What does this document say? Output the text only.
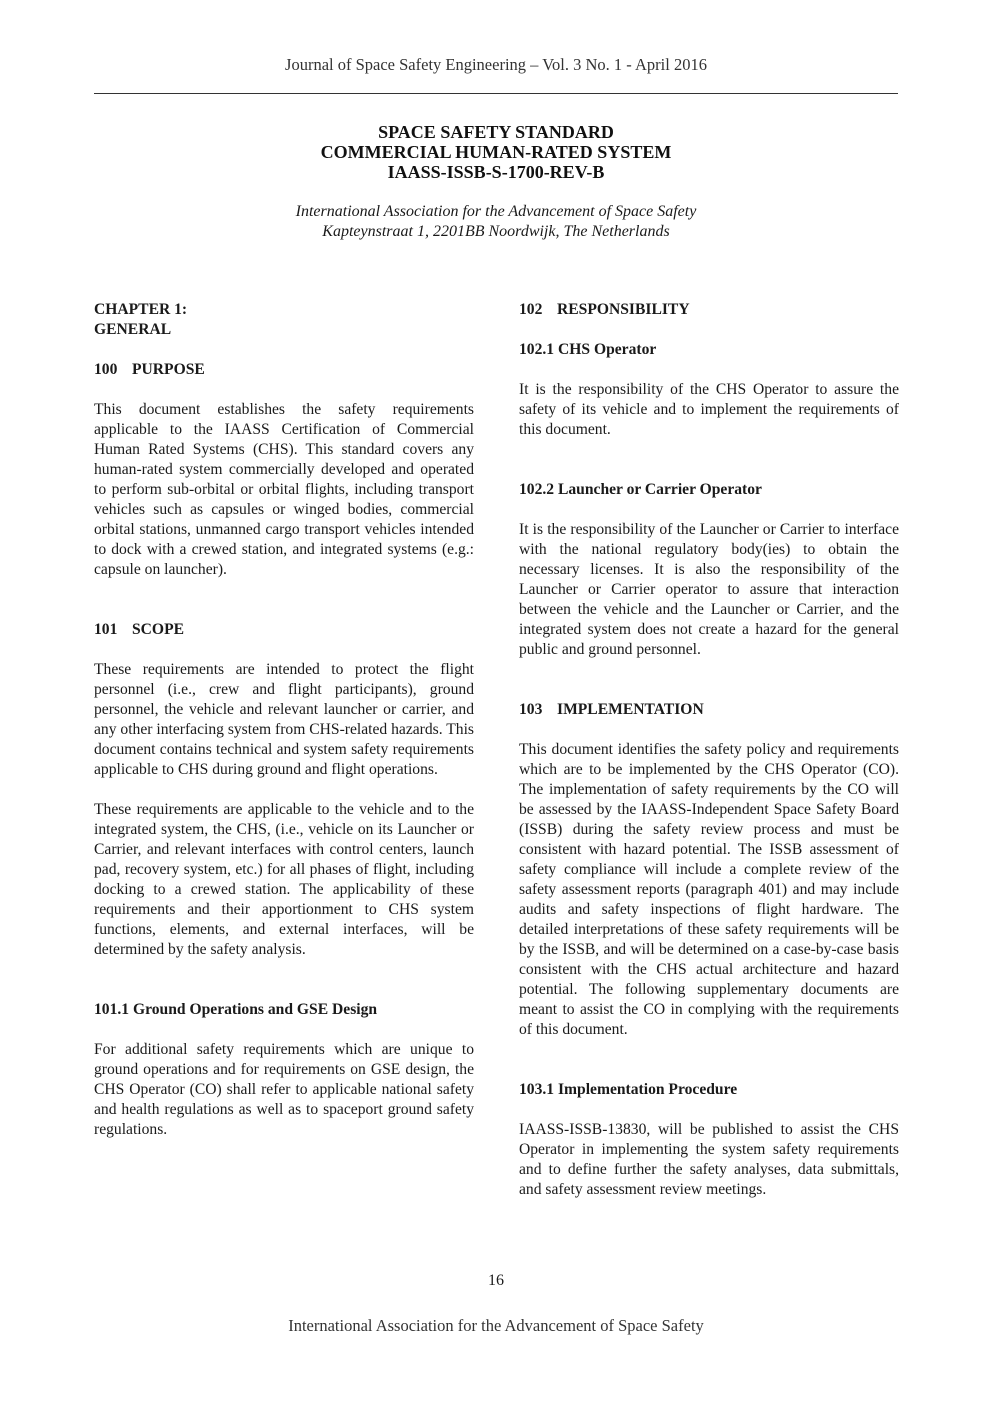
Journal of Space Safety Engineering – Vol. 3 No. 1 - April 2016
SPACE SAFETY STANDARD
COMMERCIAL HUMAN-RATED SYSTEM
IAASS-ISSB-S-1700-REV-B
International Association for the Advancement of Space Safety
Kapteynstraat 1, 2201BB Noordwijk, The Netherlands
CHAPTER 1:
GENERAL
100 PURPOSE

This document establishes the safety requirements applicable to the IAASS Certification of Commercial Human Rated Systems (CHS). This standard covers any human-rated system commercially developed and operated to perform sub-orbital or orbital flights, including transport vehicles such as capsules or winged bodies, commercial orbital stations, unmanned cargo transport vehicles intended to dock with a crewed station, and integrated systems (e.g.: capsule on launcher).

101 SCOPE

These requirements are intended to protect the flight personnel (i.e., crew and flight participants), ground personnel, the vehicle and relevant launcher or carrier, and any other interfacing system from CHS-related hazards. This document contains technical and system safety requirements applicable to CHS during ground and flight operations.

These requirements are applicable to the vehicle and to the integrated system, the CHS, (i.e., vehicle on its Launcher or Carrier, and relevant interfaces with control centers, launch pad, recovery system, etc.) for all phases of flight, including docking to a crewed station. The applicability of these requirements and their apportionment to CHS system functions, elements, and external interfaces, will be determined by the safety analysis.

101.1 Ground Operations and GSE Design

For additional safety requirements which are unique to ground operations and for requirements on GSE design, the CHS Operator (CO) shall refer to applicable national safety and health regulations as well as to spaceport ground safety regulations.

102 RESPONSIBILITY
102.1 CHS Operator

It is the responsibility of the CHS Operator to assure the safety of its vehicle and to implement the requirements of this document.

102.2 Launcher or Carrier Operator

It is the responsibility of the Launcher or Carrier to interface with the national regulatory body(ies) to obtain the necessary licenses. It is also the responsibility of the Launcher or Carrier operator to assure that interaction between the vehicle and the Launcher or Carrier, and the integrated system does not create a hazard for the general public and ground personnel.

103 IMPLEMENTATION

This document identifies the safety policy and requirements which are to be implemented by the CHS Operator (CO). The implementation of safety requirements by the CO will be assessed by the IAASS-Independent Space Safety Board (ISSB) during the safety review process and must be consistent with hazard potential. The ISSB assessment of safety compliance will include a complete review of the safety assessment reports (paragraph 401) and may include audits and safety inspections of flight hardware. The detailed interpretations of these safety requirements will be by the ISSB, and will be determined on a case-by-case basis consistent with the CHS actual architecture and hazard potential. The following supplementary documents are meant to assist the CO in complying with the requirements of this document.

103.1 Implementation Procedure

IAASS-ISSB-13830, will be published to assist the CHS Operator in implementing the system safety requirements and to define further the safety analyses, data submittals, and safety assessment review meetings.

16
International Association for the Advancement of Space Safety
